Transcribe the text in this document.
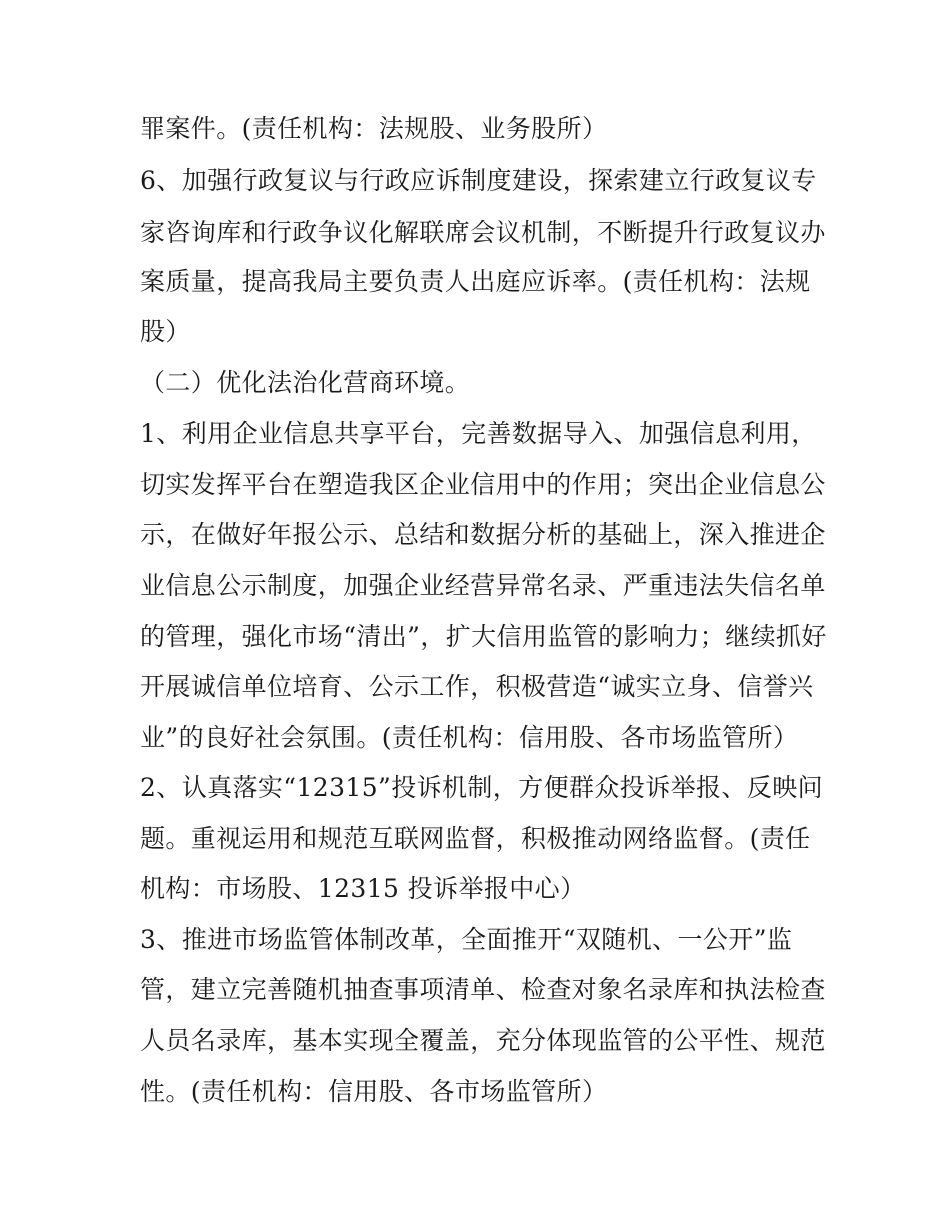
罪案件。(责任机构：法规股、业务股所）
6、加强行政复议与行政应诉制度建设，探索建立行政复议专
家咨询库和行政争议化解联席会议机制，不断提升行政复议办
案质量，提高我局主要负责人出庭应诉率。(责任机构：法规
股）
（二）优化法治化营商环境。
1、利用企业信息共享平台，完善数据导入、加强信息利用，
切实发挥平台在塑造我区企业信用中的作用；突出企业信息公
示，在做好年报公示、总结和数据分析的基础上，深入推进企
业信息公示制度，加强企业经营异常名录、严重违法失信名单
的管理，强化市场“清出”，扩大信用监管的影响力；继续抓好
开展诚信单位培育、公示工作，积极营造“诚实立身、信誉兴
业”的良好社会氛围。(责任机构：信用股、各市场监管所）
2、认真落实“12315”投诉机制，方便群众投诉举报、反映问
题。重视运用和规范互联网监督，积极推动网络监督。(责任
机构：市场股、12315 投诉举报中心）
3、推进市场监管体制改革，全面推开“双随机、一公开”监
管，建立完善随机抽查事项清单、检查对象名录库和执法检查
人员名录库，基本实现全覆盖，充分体现监管的公平性、规范
性。(责任机构：信用股、各市场监管所）
